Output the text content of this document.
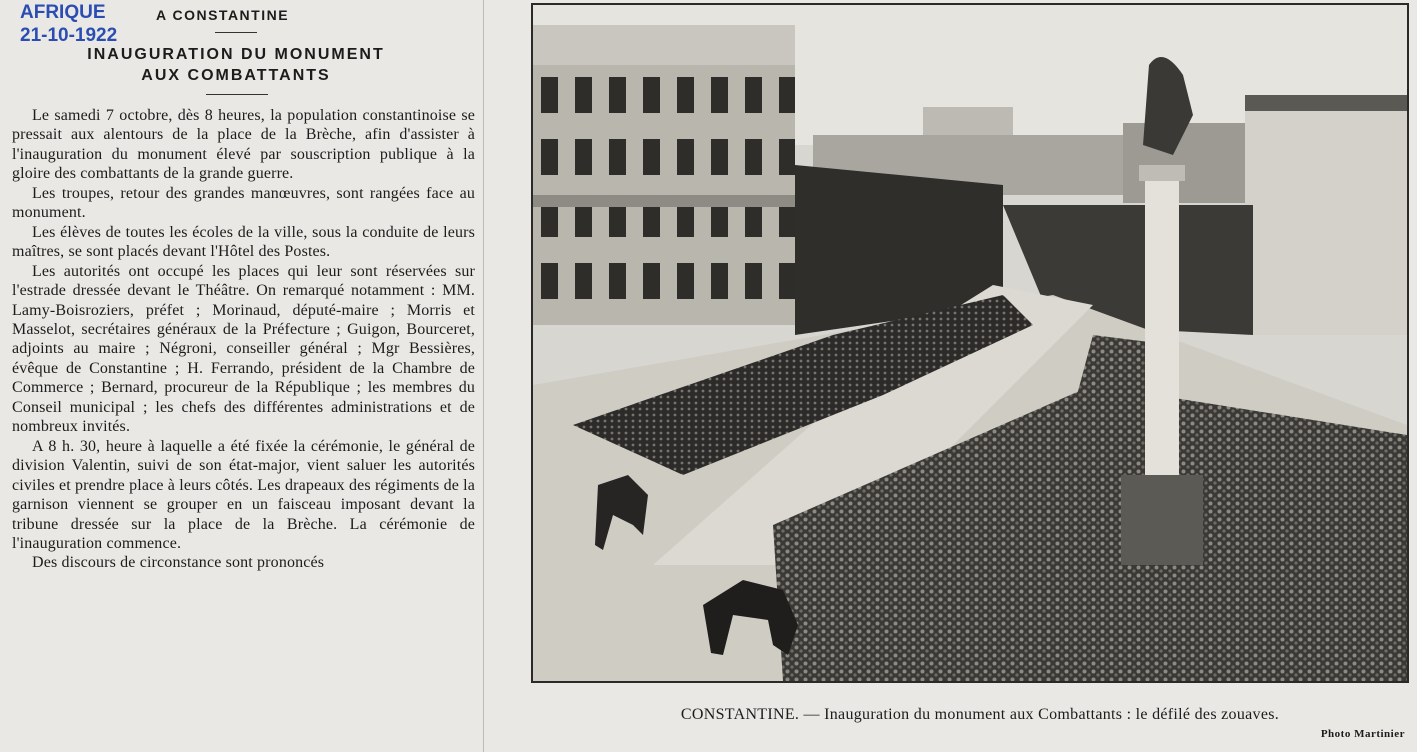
AFRIQUE
21-10-1922
A CONSTANTINE
INAUGURATION DU MONUMENT
AUX COMBATTANTS

Le samedi 7 octobre, dès 8 heures, la population constantinoise se pressait aux alentours de la place de la Brèche, afin d'assister à l'inauguration du monument élevé par souscription publique à la gloire des combattants de la grande guerre.

Les troupes, retour des grandes manœuvres, sont rangées face au monument.

Les élèves de toutes les écoles de la ville, sous la conduite de leurs maîtres, se sont placés devant l'Hôtel des Postes.

Les autorités ont occupé les places qui leur sont réservées sur l'estrade dressée devant le Théâtre. On remarqué notamment : MM. Lamy-Boisroziers, préfet ; Morinaud, député-maire ; Morris et Masselot, secrétaires généraux de la Préfecture ; Guigon, Bourceret, adjoints au maire ; Négroni, conseiller général ; Mgr Bessières, évêque de Constantine ; H. Ferrando, président de la Chambre de Commerce ; Bernard, procureur de la République ; les membres du Conseil municipal ; les chefs des différentes administrations et de nombreux invités.

A 8 h. 30, heure à laquelle a été fixée la cérémonie, le général de division Valentin, suivi de son état-major, vient saluer les autorités civiles et prendre place à leurs côtés. Les drapeaux des régiments de la garnison viennent se grouper en un faisceau imposant devant la tribune dressée sur la place de la Brèche. La cérémonie de l'inauguration commence.

Des discours de circonstance sont prononcés

CONSTANTINE. — Inauguration du monument aux Combattants : le défilé des zouaves.
Photo Martinier
